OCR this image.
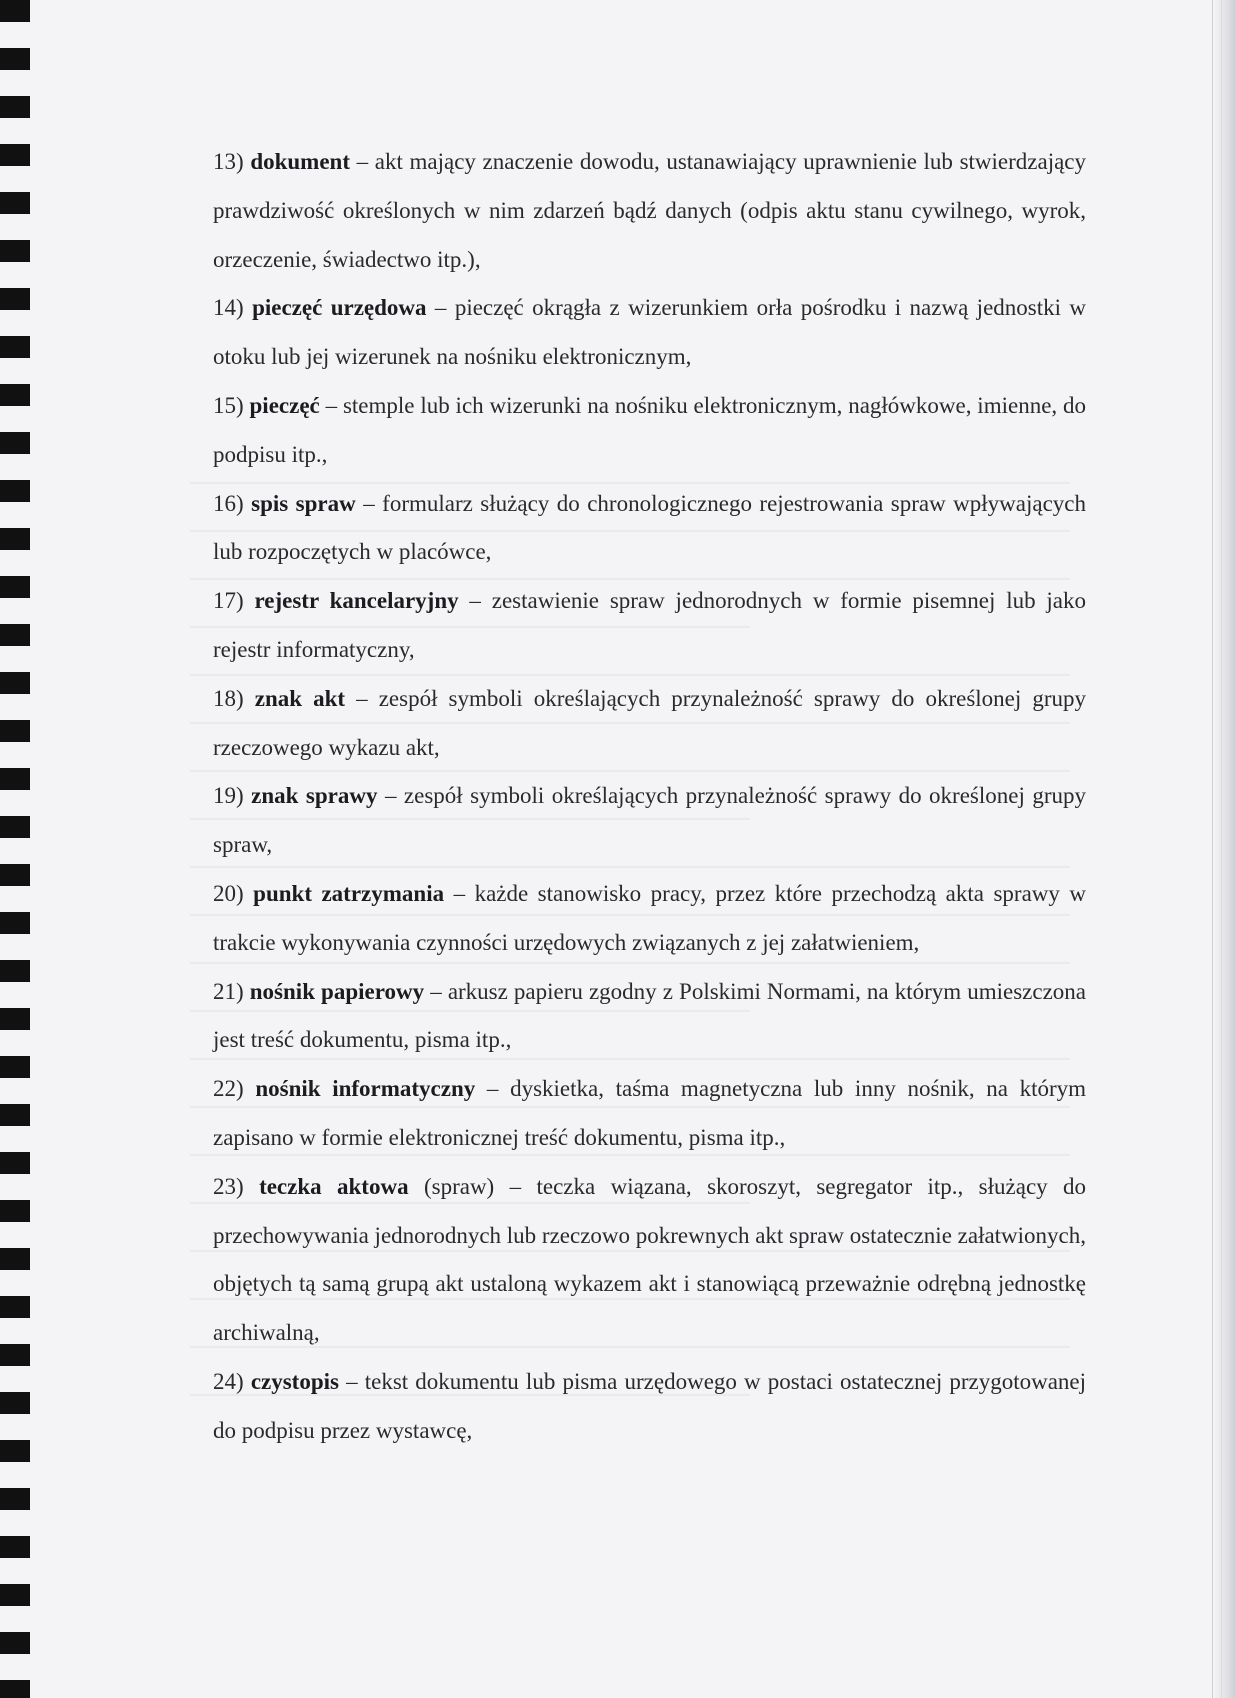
13) dokument – akt mający znaczenie dowodu, ustanawiający uprawnienie lub stwierdzający prawdziwość określonych w nim zdarzeń bądź danych (odpis aktu stanu cywilnego, wyrok, orzeczenie, świadectwo itp.),

14) pieczęć urzędowa – pieczęć okrągła z wizerunkiem orła pośrodku i nazwą jednostki w otoku lub jej wizerunek na nośniku elektronicznym,

15) pieczęć – stemple lub ich wizerunki na nośniku elektronicznym, nagłówkowe, imienne, do podpisu itp.,

16) spis spraw – formularz służący do chronologicznego rejestrowania spraw wpływających lub rozpoczętych w placówce,

17) rejestr kancelaryjny – zestawienie spraw jednorodnych w formie pisemnej lub jako rejestr informatyczny,

18) znak akt – zespół symboli określających przynależność sprawy do określonej grupy rzeczowego wykazu akt,

19) znak sprawy – zespół symboli określających przynależność sprawy do określonej grupy spraw,

20) punkt zatrzymania – każde stanowisko pracy, przez które przechodzą akta sprawy w trakcie wykonywania czynności urzędowych związanych z jej załatwieniem,

21) nośnik papierowy – arkusz papieru zgodny z Polskimi Normami, na którym umieszczona jest treść dokumentu, pisma itp.,

22) nośnik informatyczny – dyskietka, taśma magnetyczna lub inny nośnik, na którym zapisano w formie elektronicznej treść dokumentu, pisma itp.,

23) teczka aktowa (spraw) – teczka wiązana, skoroszyt, segregator itp., służący do przechowywania jednorodnych lub rzeczowo pokrewnych akt spraw ostatecznie załatwionych, objętych tą samą grupą akt ustaloną wykazem akt i stanowiącą przeważnie odrębną jednostkę archiwalną,

24) czystopis – tekst dokumentu lub pisma urzędowego w postaci ostatecznej przygotowanej do podpisu przez wystawcę,
